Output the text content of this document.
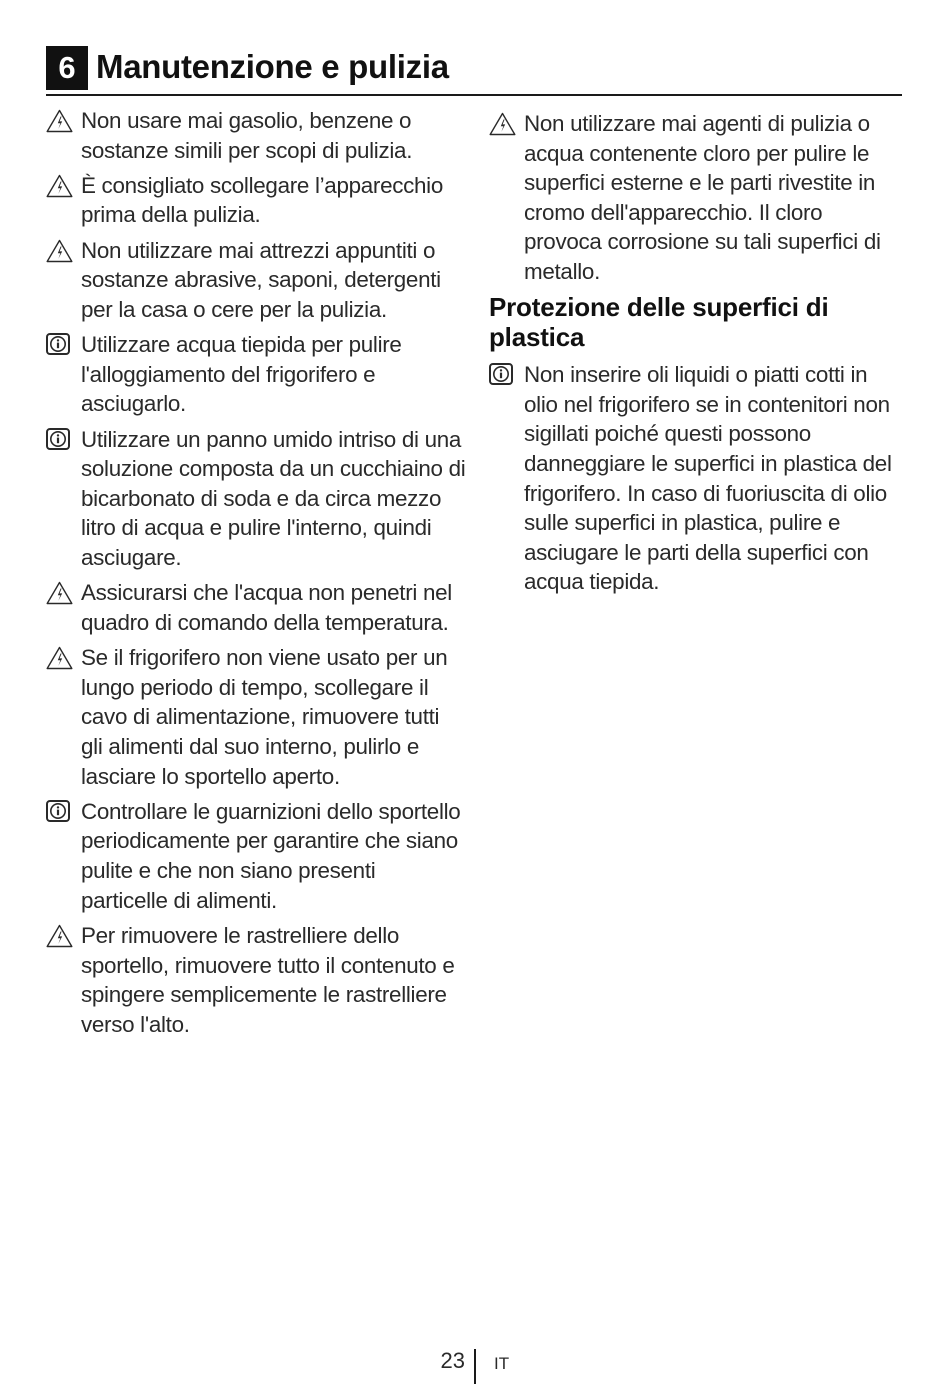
6 Manutenzione e pulizia
Non usare mai gasolio, benzene o sostanze simili per scopi di pulizia.
È consigliato scollegare l’apparecchio prima della pulizia.
Non utilizzare mai attrezzi appuntiti o sostanze abrasive, saponi, detergenti per la casa o cere per la pulizia.
Utilizzare acqua tiepida per pulire l'alloggiamento del frigorifero e asciugarlo.
Utilizzare un panno umido intriso di una soluzione composta da un cucchiaino di bicarbonato di soda e da circa mezzo litro di acqua e pulire l'interno, quindi asciugare.
Assicurarsi che l'acqua non penetri nel quadro di comando della temperatura.
Se il frigorifero non viene usato per un lungo periodo di tempo, scollegare il cavo di alimentazione, rimuovere tutti gli alimenti dal suo interno, pulirlo e lasciare lo sportello aperto.
Controllare le guarnizioni dello sportello periodicamente per garantire che siano pulite e che non siano presenti particelle di alimenti.
Per rimuovere le rastrelliere dello sportello, rimuovere tutto il contenuto e spingere semplicemente le rastrelliere verso l'alto.
Non utilizzare mai agenti di pulizia o acqua contenente cloro per pulire le superfici esterne e le parti rivestite in cromo dell'apparecchio. Il cloro provoca corrosione su tali superfici di metallo.
Protezione delle superfici di plastica
Non inserire oli liquidi o piatti cotti in olio nel frigorifero se in contenitori non sigillati poiché questi possono danneggiare le superfici in plastica del frigorifero. In caso di fuoriuscita di olio sulle superfici in plastica, pulire e asciugare le parti della superfici con acqua tiepida.
23 IT
